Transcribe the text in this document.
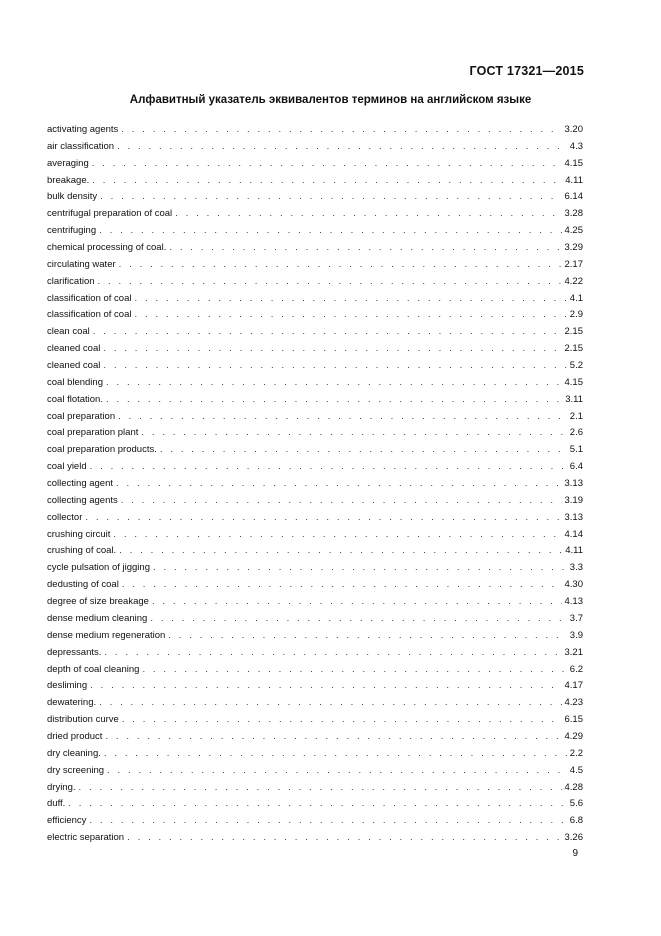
ГОСТ 17321—2015
Алфавитный указатель эквивалентов терминов на английском языке
activating agents . . .	3.20
air classification . . .	4.3
averaging . . .	4.15
breakage. . . .	4.11
bulk density . . .	6.14
centrifugal preparation of coal . . .	3.28
centrifuging . . .	4.25
chemical processing of coal. . . .	3.29
circulating water . . .	2.17
clarification . . .	4.22
classification of coal . . .	4.1
classification of coal . . .	2.9
clean coal . . .	2.15
cleaned coal . . .	2.15
cleaned coal . . .	5.2
coal blending . . .	4.15
coal flotation. . . .	3.11
coal preparation . . .	2.1
coal preparation plant . . .	2.6
coal preparation products. . . .	5.1
coal yield . . .	6.4
collecting agent . . .	3.13
collecting agents . . .	3.19
collector . . .	3.13
crushing circuit . . .	4.14
crushing of coal. . . .	4.11
cycle pulsation of jigging . . .	3.3
dedusting of coal . . .	4.30
degree of size breakage . . .	4.13
dense medium cleaning . . .	3.7
dense medium regeneration . . .	3.9
depressants. . . .	3.21
depth of coal cleaning . . .	6.2
desliming . . .	4.17
dewatering. . . .	4.23
distribution curve . . .	6.15
dried product . . .	4.29
dry cleaning. . . .	2.2
dry screening . . .	4.5
drying. . . .	4.28
duff. . . .	5.6
efficiency . . .	6.8
electric separation . . .	3.26
9
